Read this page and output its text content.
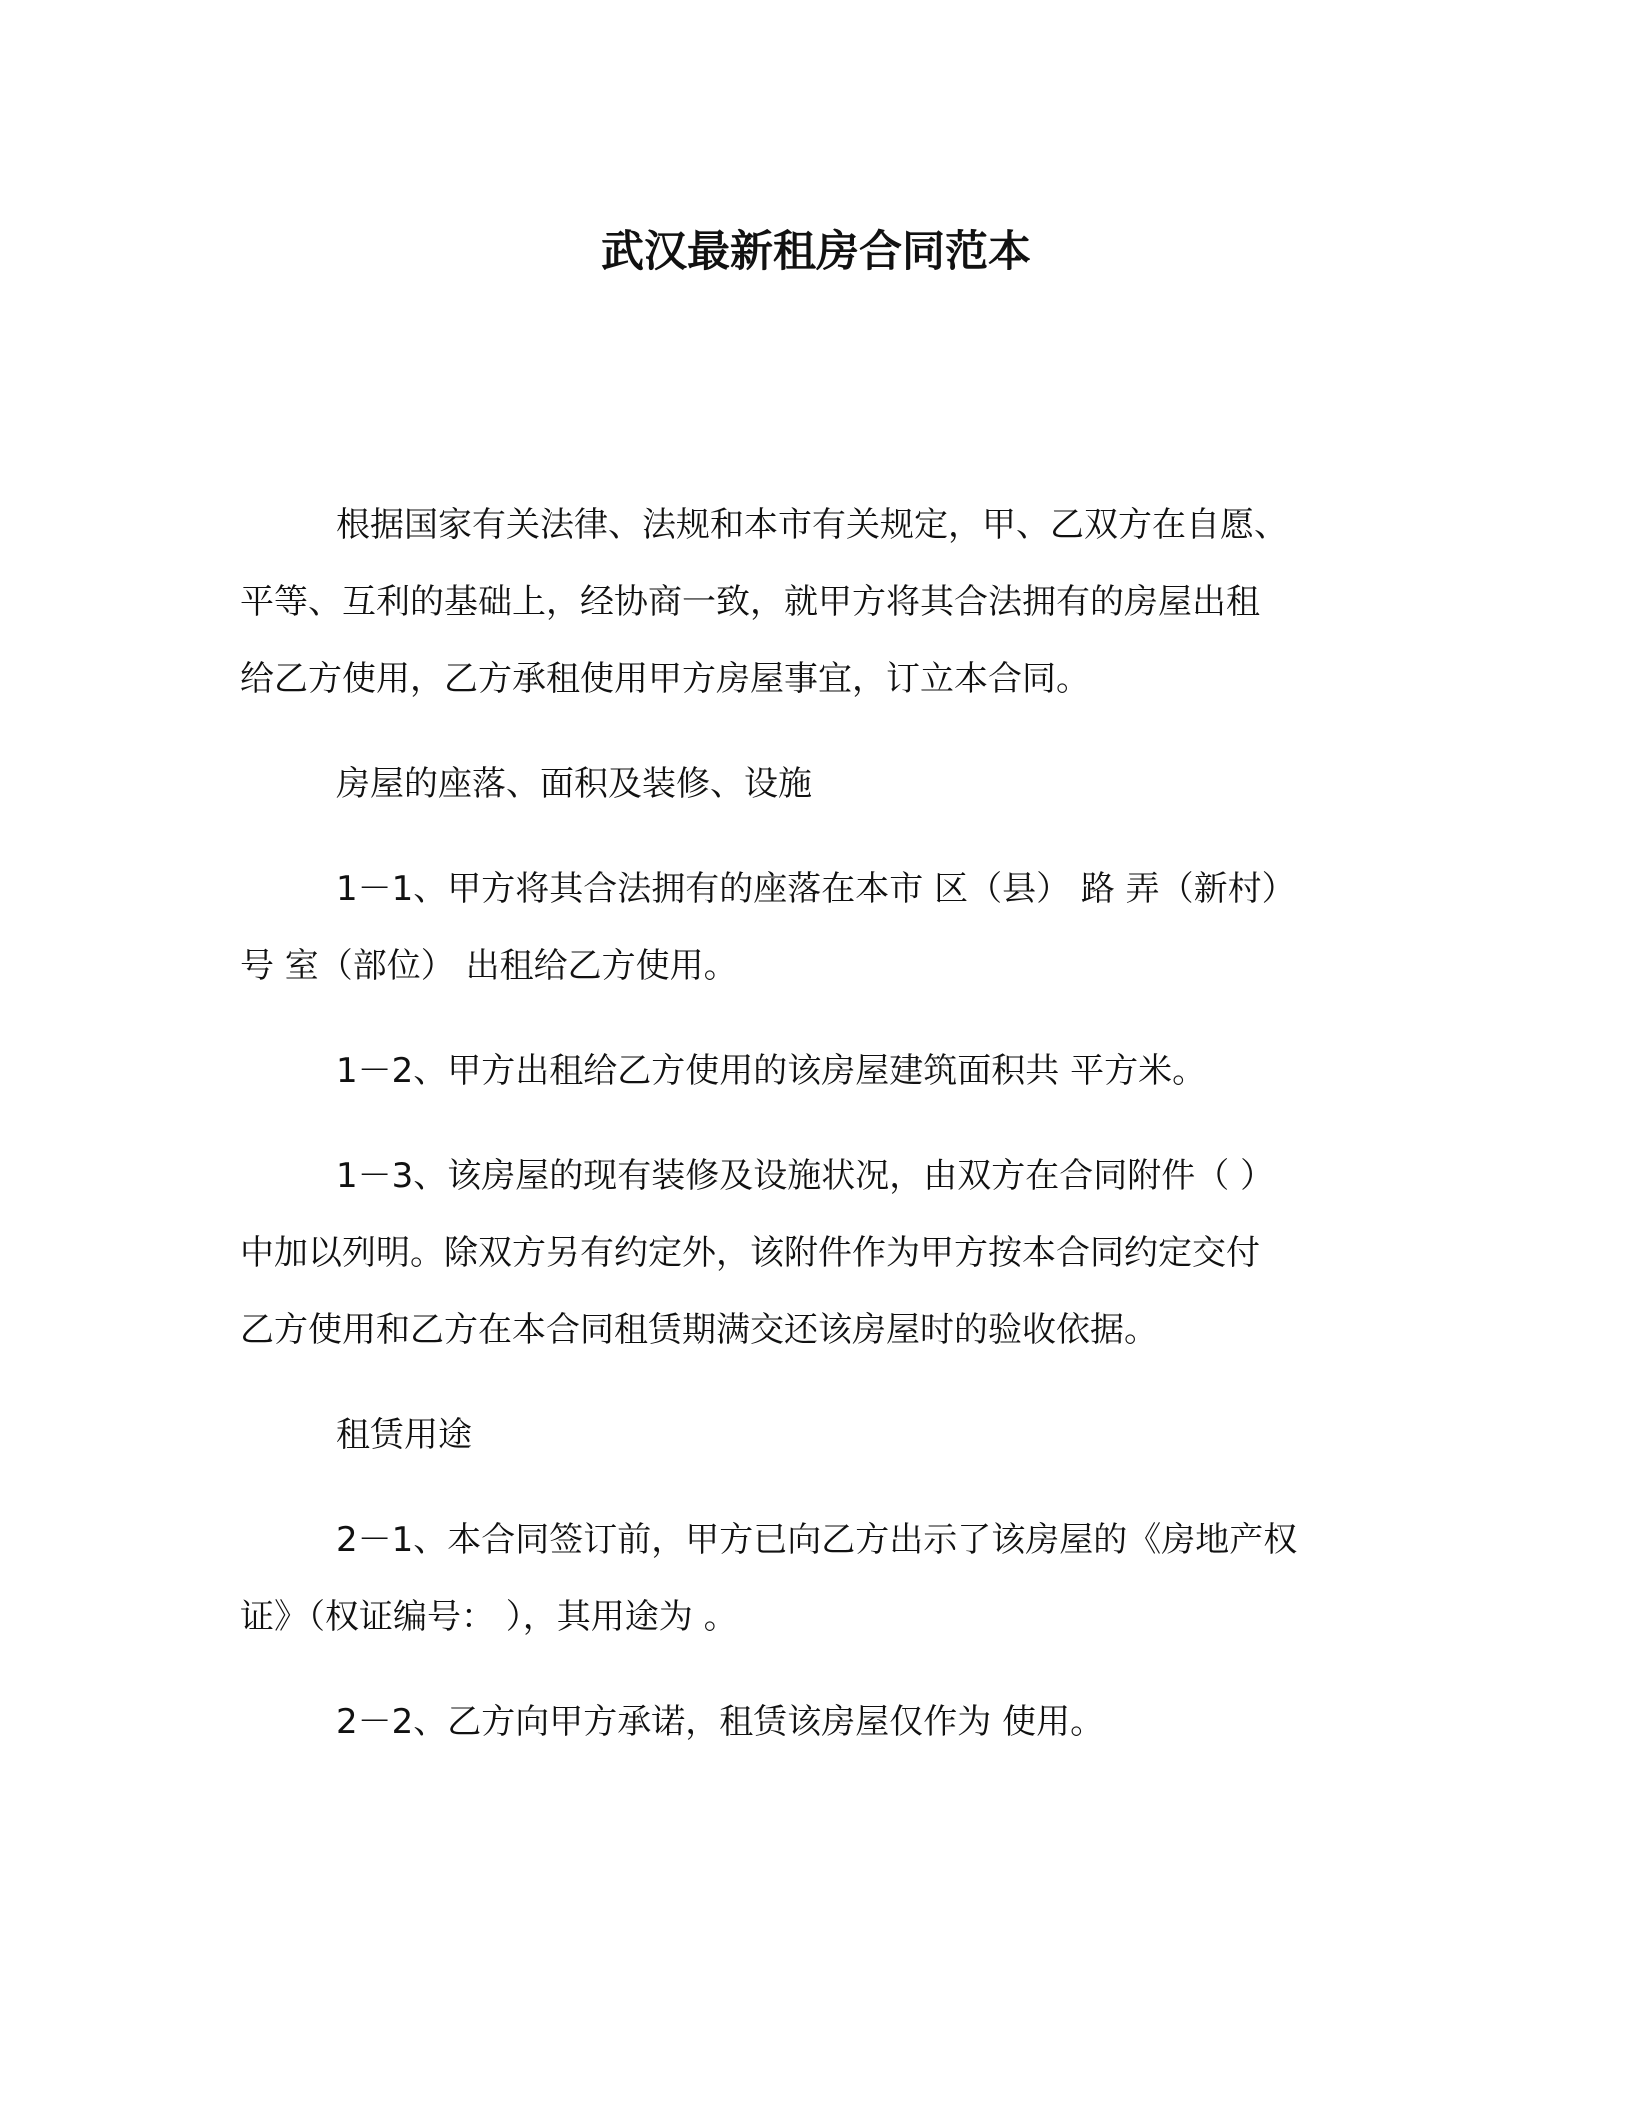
武汉最新租房合同范本

根据国家有关法律、法规和本市有关规定，甲、乙双方在自愿、
平等、互利的基础上，经协商一致，就甲方将其合法拥有的房屋出租
给乙方使用，乙方承租使用甲方房屋事宜，订立本合同。

房屋的座落、面积及装修、设施

1－1、甲方将其合法拥有的座落在本市 区（县） 路 弄（新村）
号 室（部位） 出租给乙方使用。

1－2、甲方出租给乙方使用的该房屋建筑面积共 平方米。

1－3、该房屋的现有装修及设施状况，由双方在合同附件（ ）
中加以列明。除双方另有约定外，该附件作为甲方按本合同约定交付
乙方使用和乙方在本合同租赁期满交还该房屋时的验收依据。

租赁用途

2－1、本合同签订前，甲方已向乙方出示了该房屋的《房地产权
证》（权证编号： ），其用途为 。

2－2、乙方向甲方承诺，租赁该房屋仅作为 使用。
